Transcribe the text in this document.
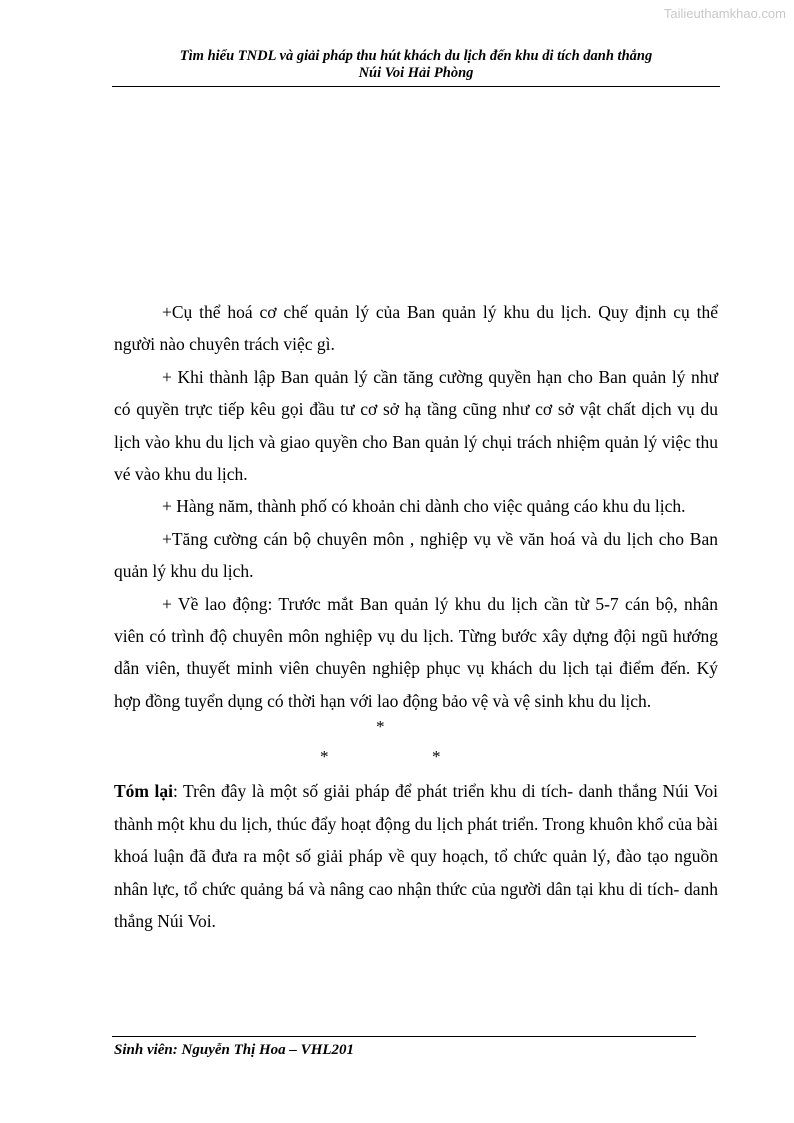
Tailieuthamkhao.com
Tìm hiểu TNDL và giải pháp thu hút khách du lịch đến khu di tích danh thắng
Núi Voi Hải Phòng

+Cụ thể hoá cơ chế quản lý của Ban quản lý khu du lịch. Quy định cụ thể người nào chuyên trách việc gì.

+ Khi thành lập Ban quản lý cần tăng cường quyền hạn cho Ban quản lý như có quyền trực tiếp kêu gọi đầu tư cơ sở hạ tầng cũng như cơ sở vật chất dịch vụ du lịch vào khu du lịch và giao quyền cho Ban quản lý chụi trách nhiệm quản lý việc thu vé vào khu du lịch.

+ Hàng năm, thành phố có khoản chi dành cho việc quảng cáo khu du lịch.

+Tăng cường cán bộ chuyên môn , nghiệp vụ về văn hoá và du lịch cho Ban quản lý khu du lịch.

+ Về lao động: Trước mắt Ban quản lý khu du lịch cần từ 5-7 cán bộ, nhân viên có trình độ chuyên môn nghiệp vụ du lịch. Từng bước xây dựng đội ngũ hướng dẫn viên, thuyết minh viên chuyên nghiệp phục vụ khách du lịch tại điểm đến. Ký hợp đồng tuyển dụng có thời hạn với lao động bảo vệ và vệ sinh khu du lịch.

*
*	*

Tóm lại: Trên đây là một số giải pháp để phát triển khu di tích- danh thắng Núi Voi thành một khu du lịch, thúc đẩy hoạt động du lịch phát triển. Trong khuôn khổ của bài khoá luận đã đưa ra một số giải pháp về quy hoạch, tổ chức quản lý, đào tạo nguồn nhân lực, tổ chức quảng bá và nâng cao nhận thức của người dân tại khu di tích- danh thắng Núi Voi.

Sinh viên: Nguyễn Thị Hoa – VHL201
